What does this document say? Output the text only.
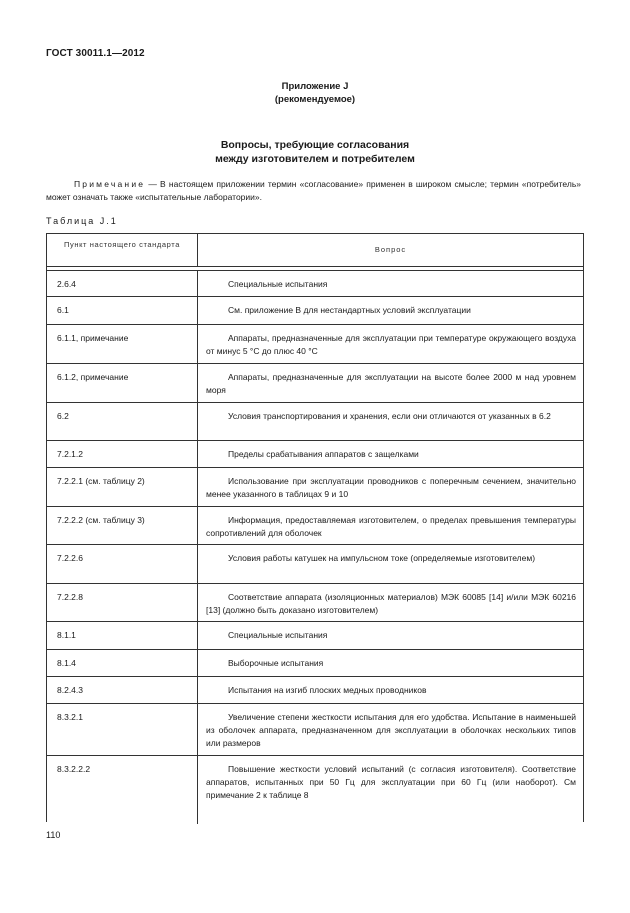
ГОСТ 30011.1—2012
Приложение J
(рекомендуемое)
Вопросы, требующие согласования
между изготовителем и потребителем
Примечание — В настоящем приложении термин «согласование» применен в широком смысле; термин «потребитель» может означать также «испытательные лаборатории».
Таблица J.1
Пункт настоящего стандарта
Вопрос
2.6.4	Специальные испытания
6.1	См. приложение В для нестандартных условий эксплуатации
6.1.1, примечание	Аппараты, предназначенные для эксплуатации при температуре окружающего воздуха от минус 5 °С до плюс 40 °С
6.1.2, примечание	Аппараты, предназначенные для эксплуатации на высоте более 2000 м над уровнем моря
6.2	Условия транспортирования и хранения, если они отличаются от указанных в 6.2
7.2.1.2	Пределы срабатывания аппаратов с защелками
7.2.2.1 (см. таблицу 2)	Использование при эксплуатации проводников с поперечным сечением, значительно менее указанного в таблицах 9 и 10
7.2.2.2 (см. таблицу 3)	Информация, предоставляемая изготовителем, о пределах превышения температуры сопротивлений для оболочек
7.2.2.6	Условия работы катушек на импульсном токе (определяемые изготовителем)
7.2.2.8	Соответствие аппарата (изоляционных материалов) МЭК 60085 [14] и/или МЭК 60216 [13] (должно быть доказано изготовителем)
8.1.1	Специальные испытания
8.1.4	Выборочные испытания
8.2.4.3	Испытания на изгиб плоских медных проводников
8.3.2.1	Увеличение степени жесткости испытания для его удобства. Испытание в наименьшей из оболочек аппарата, предназначенном для эксплуатации в оболочках нескольких типов или размеров
8.3.2.2.2	Повышение жесткости условий испытаний (с согласия изготовителя). Соответствие аппаратов, испытанных при 50 Гц для эксплуатации при 60 Гц (или наоборот). См примечание 2 к таблице 8
110
